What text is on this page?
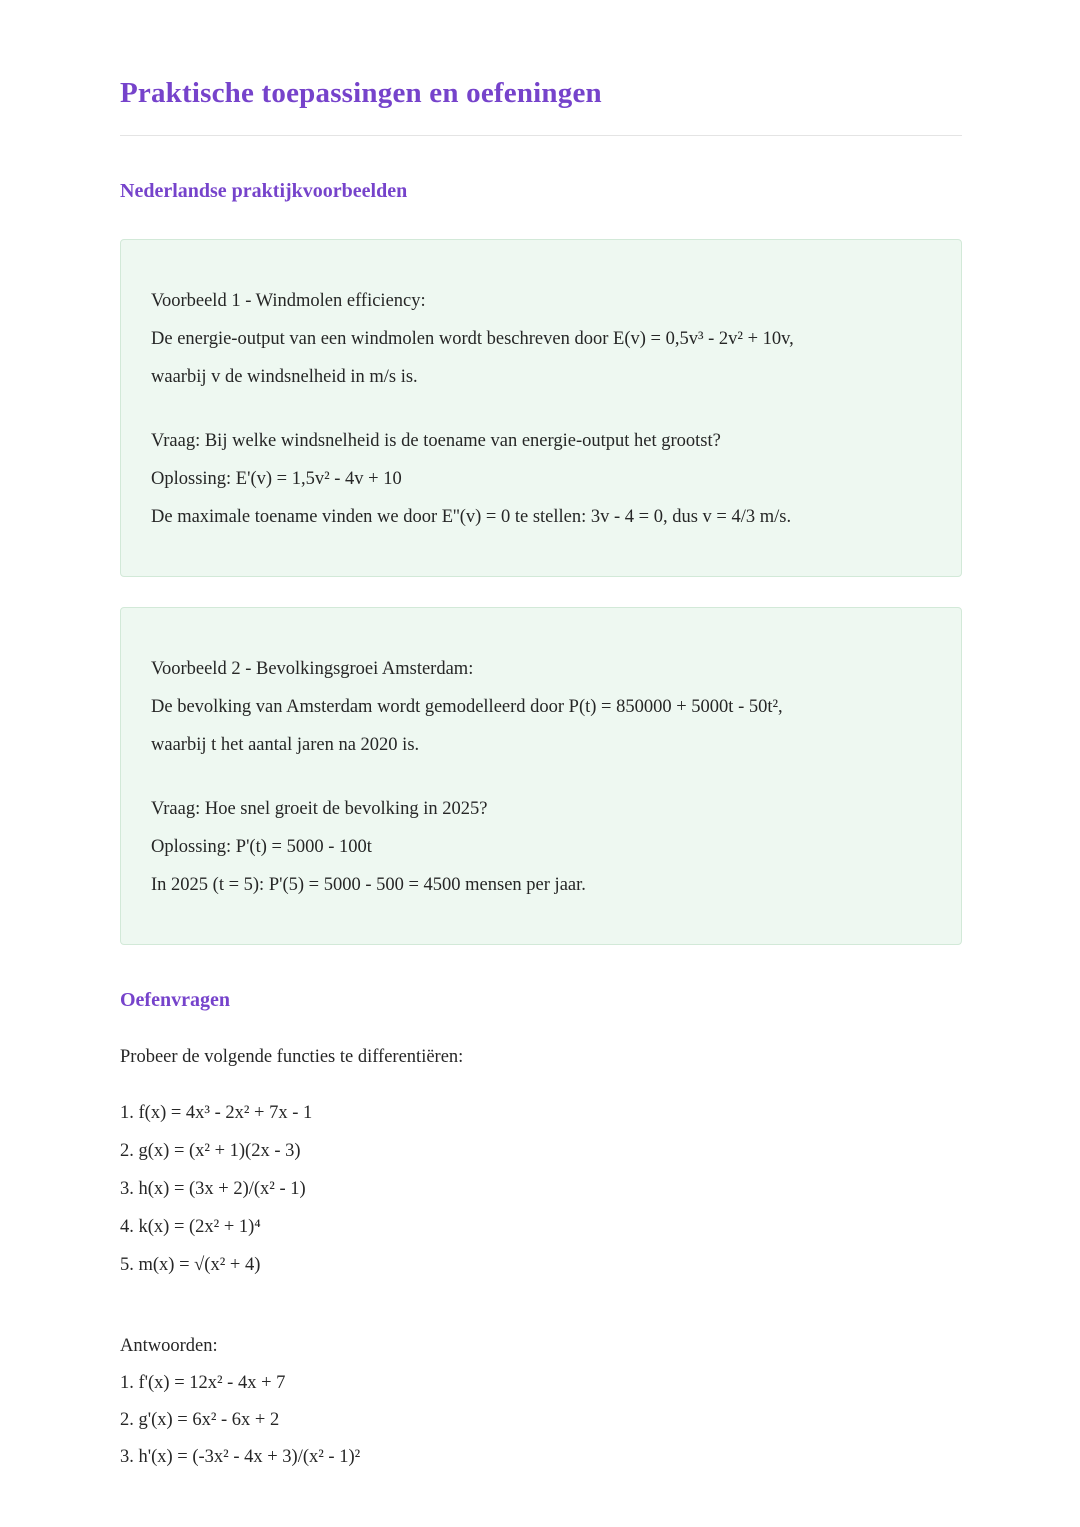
Praktische toepassingen en oefeningen
Nederlandse praktijkvoorbeelden
Voorbeeld 1 - Windmolen efficiency:
De energie-output van een windmolen wordt beschreven door E(v) = 0,5v³ - 2v² + 10v,
waarbij v de windsnelheid in m/s is.
Vraag: Bij welke windsnelheid is de toename van energie-output het grootst?
Oplossing: E'(v) = 1,5v² - 4v + 10
De maximale toename vinden we door E''(v) = 0 te stellen: 3v - 4 = 0, dus v = 4/3 m/s.
Voorbeeld 2 - Bevolkingsgroei Amsterdam:
De bevolking van Amsterdam wordt gemodelleerd door P(t) = 850000 + 5000t - 50t²,
waarbij t het aantal jaren na 2020 is.
Vraag: Hoe snel groeit de bevolking in 2025?
Oplossing: P'(t) = 5000 - 100t
In 2025 (t = 5): P'(5) = 5000 - 500 = 4500 mensen per jaar.
Oefenvragen

Probeer de volgende functies te differentiëren:

1. f(x) = 4x³ - 2x² + 7x - 1
2. g(x) = (x² + 1)(2x - 3)
3. h(x) = (3x + 2)/(x² - 1)
4. k(x) = (2x² + 1)⁴
5. m(x) = √(x² + 4)
Antwoorden:
1. f'(x) = 12x² - 4x + 7
2. g'(x) = 6x² - 6x + 2
3. h'(x) = (-3x² - 4x + 3)/(x² - 1)²
